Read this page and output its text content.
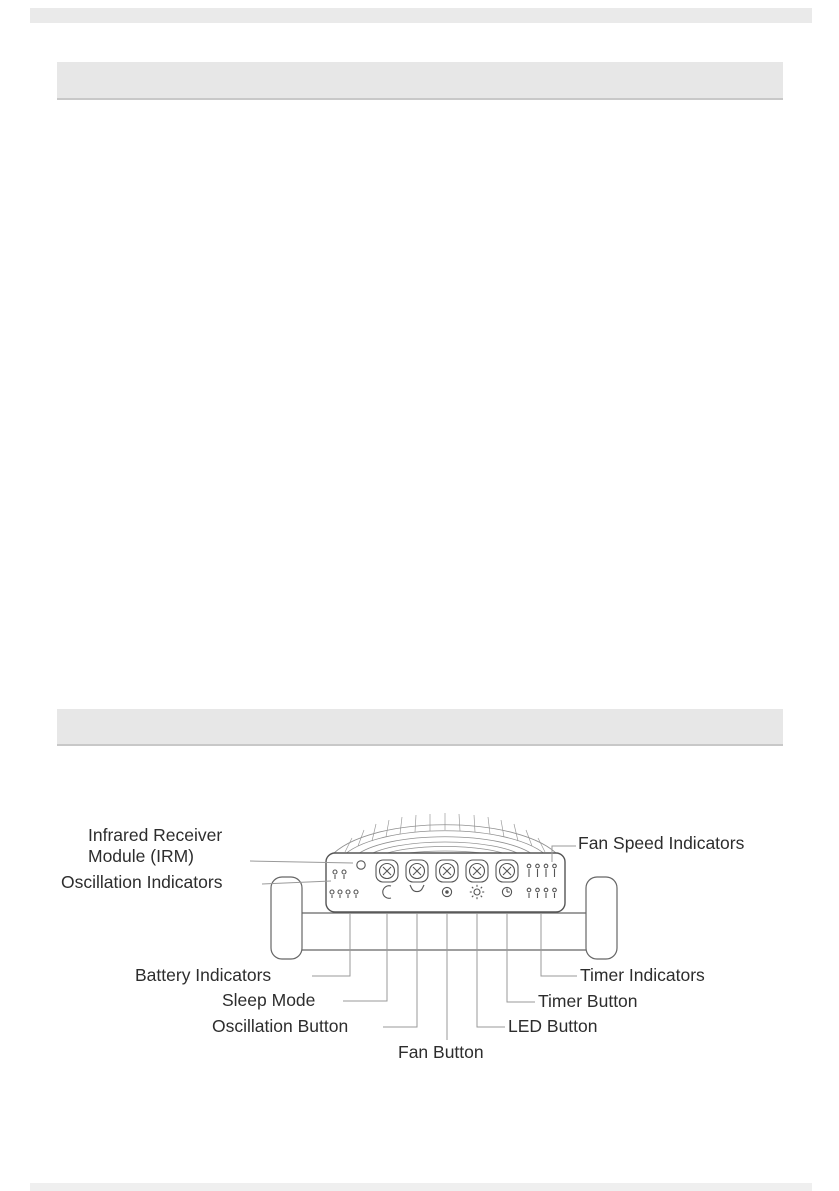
Infrared Receiver Module (IRM)
Oscillation Indicators
Fan Speed Indicators
Battery Indicators
Sleep Mode
Oscillation Button
Fan Button
Timer Indicators
Timer Button
LED Button
